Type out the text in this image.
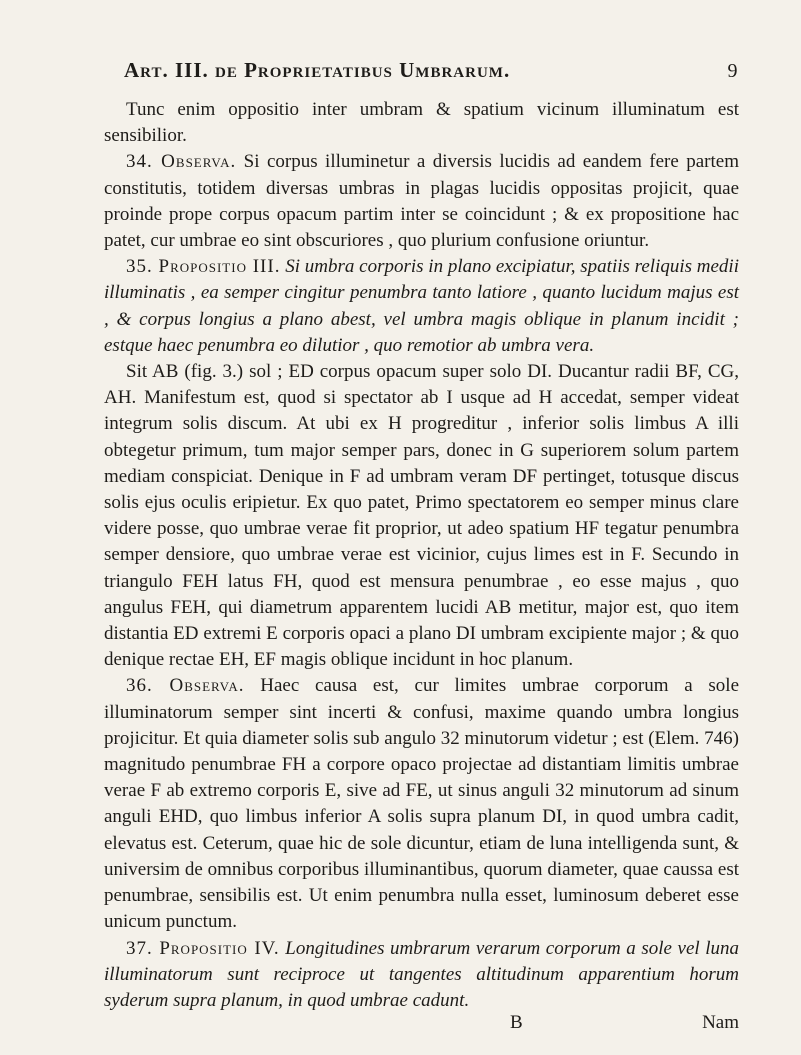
Art. III. de Proprietatibus Umbrarum.	9

Tunc enim oppositio inter umbram & spatium vicinum illuminatum est sensibilior.

34. Observa. Si corpus illuminetur a diversis lucidis ad eandem fere partem constitutis, totidem diversas umbras in plagas lucidis oppositas projicit, quae proinde prope corpus opacum partim inter se coincidunt ; & ex propositione hac patet, cur umbrae eo sint obscuriores , quo plurium confusione oriuntur.

35. Propositio III. Si umbra corporis in plano excipiatur, spatiis reliquis medii illuminatis , ea semper cingitur penumbra tanto latiore , quanto lucidum majus est , & corpus longius a plano abest, vel umbra magis oblique in planum incidit ; estque haec penumbra eo dilutior , quo remotior ab umbra vera.

Sit AB (fig. 3.) sol ; ED corpus opacum super solo DI. Ducantur radii BF, CG, AH. Manifestum est, quod si spectator ab I usque ad H accedat, semper videat integrum solis discum. At ubi ex H progreditur , inferior solis limbus A illi obtegetur primum, tum major semper pars, donec in G superiorem solum partem mediam conspiciat. Denique in F ad umbram veram DF pertinget, totusque discus solis ejus oculis eripietur. Ex quo patet, Primo spectatorem eo semper minus clare videre posse, quo umbrae verae fit proprior, ut adeo spatium HF tegatur penumbra semper densiore, quo umbrae verae est vicinior, cujus limes est in F. Secundo in triangulo FEH latus FH, quod est mensura penumbrae , eo esse majus , quo angulus FEH, qui diametrum apparentem lucidi AB metitur, major est, quo item distantia ED extremi E corporis opaci a plano DI umbram excipiente major ; & quo denique rectae EH, EF magis oblique incidunt in hoc planum.

36. Observa. Haec causa est, cur limites umbrae corporum a sole illuminatorum semper sint incerti & confusi, maxime quando umbra longius projicitur. Et quia diameter solis sub angulo 32 minutorum videtur ; est (Elem. 746) magnitudo penumbrae FH a corpore opaco projectae ad distantiam limitis umbrae verae F ab extremo corporis E, sive ad FE, ut sinus anguli 32 minutorum ad sinum anguli EHD, quo limbus inferior A solis supra planum DI, in quod umbra cadit, elevatus est. Ceterum, quae hic de sole dicuntur, etiam de luna intelligenda sunt, & universim de omnibus corporibus illuminantibus, quorum diameter, quae caussa est penumbrae, sensibilis est. Ut enim penumbra nulla esset, luminosum deberet esse unicum punctum.

37. Propositio IV. Longitudines umbrarum verarum corporum a sole vel luna illuminatorum sunt reciproce ut tangentes altitudinum apparentium horum syderum supra planum, in quod umbrae cadunt.

B	Nam
